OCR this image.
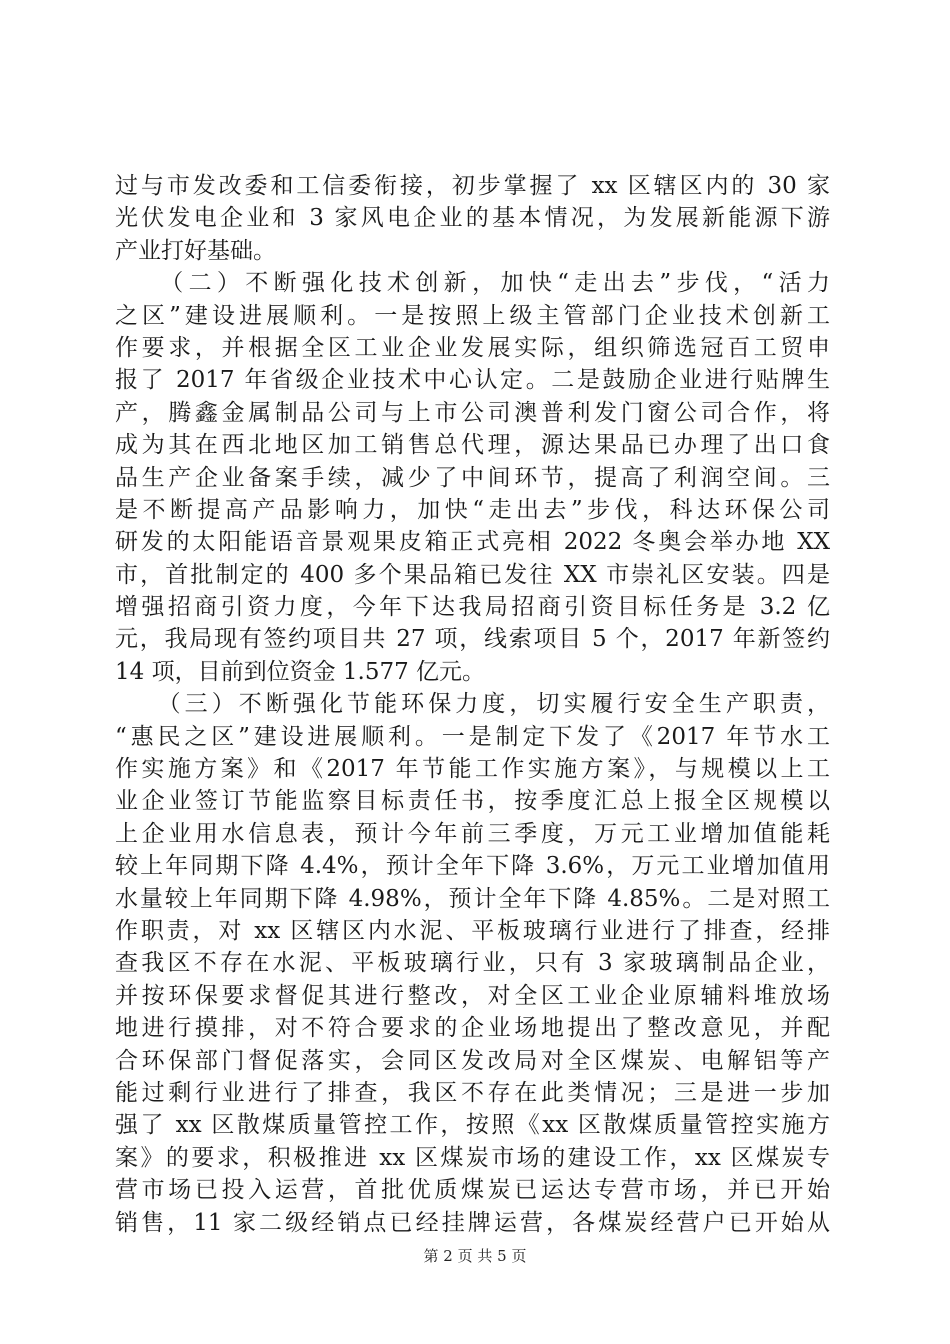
过与市发改委和工信委衔接，初步掌握了 xx 区辖区内的 30 家
光伏发电企业和 3 家风电企业的基本情况，为发展新能源下游
产业打好基础。
　　（二）不断强化技术创新，加快“走出去”步伐，“活力
之区”建设进展顺利。一是按照上级主管部门企业技术创新工
作要求，并根据全区工业企业发展实际，组织筛选冠百工贸申
报了 2017 年省级企业技术中心认定。二是鼓励企业进行贴牌生
产，腾鑫金属制品公司与上市公司澳普利发门窗公司合作，将
成为其在西北地区加工销售总代理，源达果品已办理了出口食
品生产企业备案手续，减少了中间环节，提高了利润空间。三
是不断提高产品影响力，加快“走出去”步伐，科达环保公司
研发的太阳能语音景观果皮箱正式亮相 2022 冬奥会举办地 XX
市，首批制定的 400 多个果品箱已发往 XX 市崇礼区安装。四是
增强招商引资力度，今年下达我局招商引资目标任务是 3.2 亿
元，我局现有签约项目共 27 项，线索项目 5 个，2017 年新签约
14 项，目前到位资金 1.577 亿元。
　　（三）不断强化节能环保力度，切实履行安全生产职责，
“惠民之区”建设进展顺利。一是制定下发了《2017 年节水工
作实施方案》和《2017 年节能工作实施方案》，与规模以上工
业企业签订节能监察目标责任书，按季度汇总上报全区规模以
上企业用水信息表，预计今年前三季度，万元工业增加值能耗
较上年同期下降 4.4%，预计全年下降 3.6%，万元工业增加值用
水量较上年同期下降 4.98%，预计全年下降 4.85%。二是对照工
作职责，对 xx 区辖区内水泥、平板玻璃行业进行了排查，经排
查我区不存在水泥、平板玻璃行业，只有 3 家玻璃制品企业，
并按环保要求督促其进行整改，对全区工业企业原辅料堆放场
地进行摸排，对不符合要求的企业场地提出了整改意见，并配
合环保部门督促落实，会同区发改局对全区煤炭、电解铝等产
能过剩行业进行了排查，我区不存在此类情况；三是进一步加
强了 xx 区散煤质量管控工作，按照《xx 区散煤质量管控实施方
案》的要求，积极推进 xx 区煤炭市场的建设工作，xx 区煤炭专
营市场已投入运营，首批优质煤炭已运达专营市场，并已开始
销售，11 家二级经销点已经挂牌运营，各煤炭经营户已开始从
第 2 页 共 5 页
